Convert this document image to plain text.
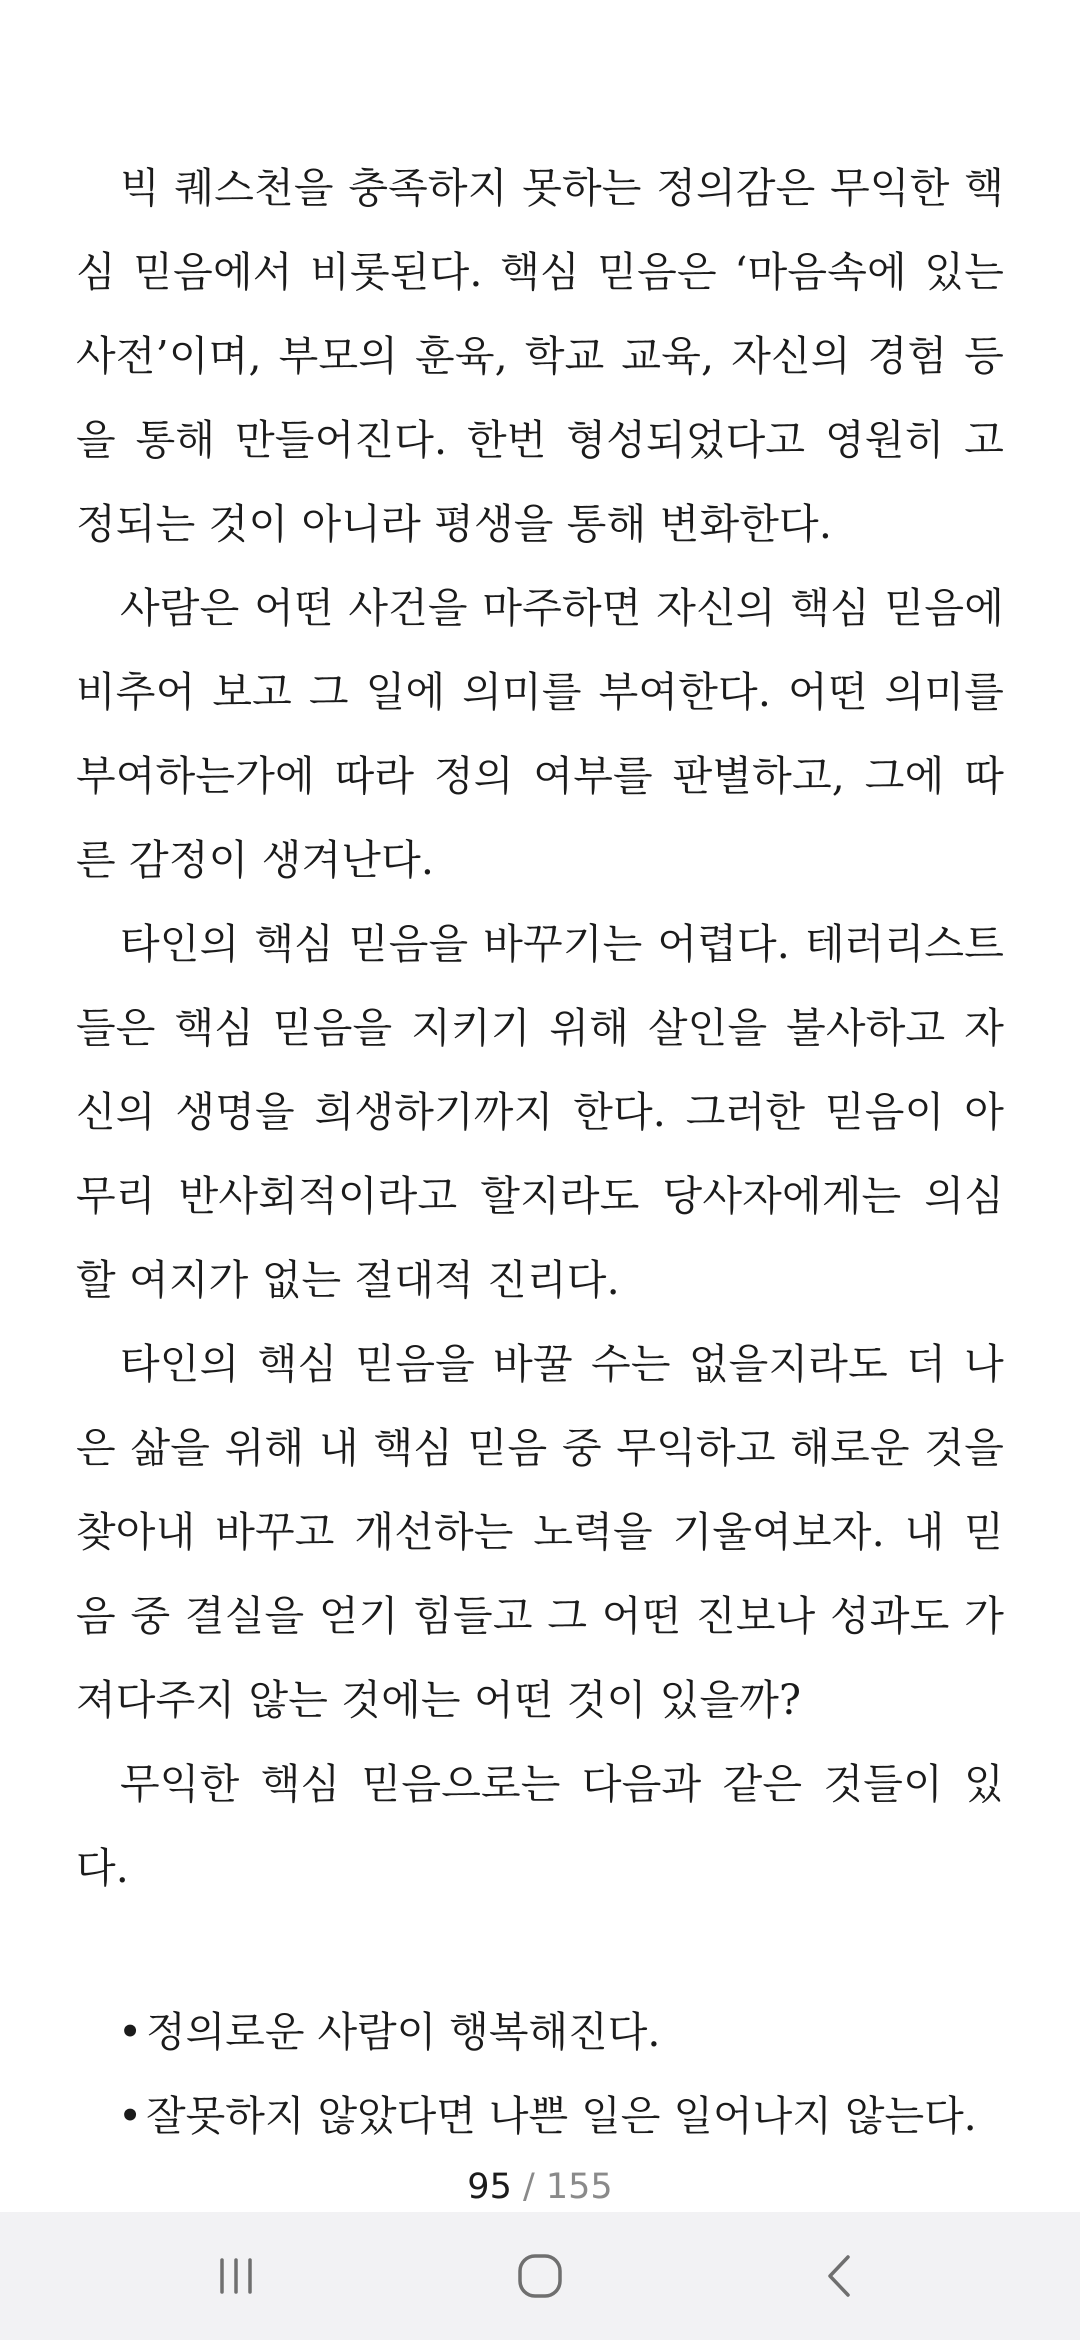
빅 퀘스천을 충족하지 못하는 정의감은 무익한 핵심 믿음에서 비롯된다. 핵심 믿음은 ‘마음속에 있는 사전’이며, 부모의 훈육, 학교 교육, 자신의 경험 등을 통해 만들어진다. 한번 형성되었다고 영원히 고정되는 것이 아니라 평생을 통해 변화한다.

사람은 어떤 사건을 마주하면 자신의 핵심 믿음에 비추어 보고 그 일에 의미를 부여한다. 어떤 의미를 부여하는가에 따라 정의 여부를 판별하고, 그에 따른 감정이 생겨난다.

타인의 핵심 믿음을 바꾸기는 어렵다. 테러리스트들은 핵심 믿음을 지키기 위해 살인을 불사하고 자신의 생명을 희생하기까지 한다. 그러한 믿음이 아무리 반사회적이라고 할지라도 당사자에게는 의심할 여지가 없는 절대적 진리다.

타인의 핵심 믿음을 바꿀 수는 없을지라도 더 나은 삶을 위해 내 핵심 믿음 중 무익하고 해로운 것을 찾아내 바꾸고 개선하는 노력을 기울여보자. 내 믿음 중 결실을 얻기 힘들고 그 어떤 진보나 성과도 가져다주지 않는 것에는 어떤 것이 있을까?

무익한 핵심 믿음으로는 다음과 같은 것들이 있다.

• 정의로운 사람이 행복해진다.
• 잘못하지 않았다면 나쁜 일은 일어나지 않는다.
95 / 155
